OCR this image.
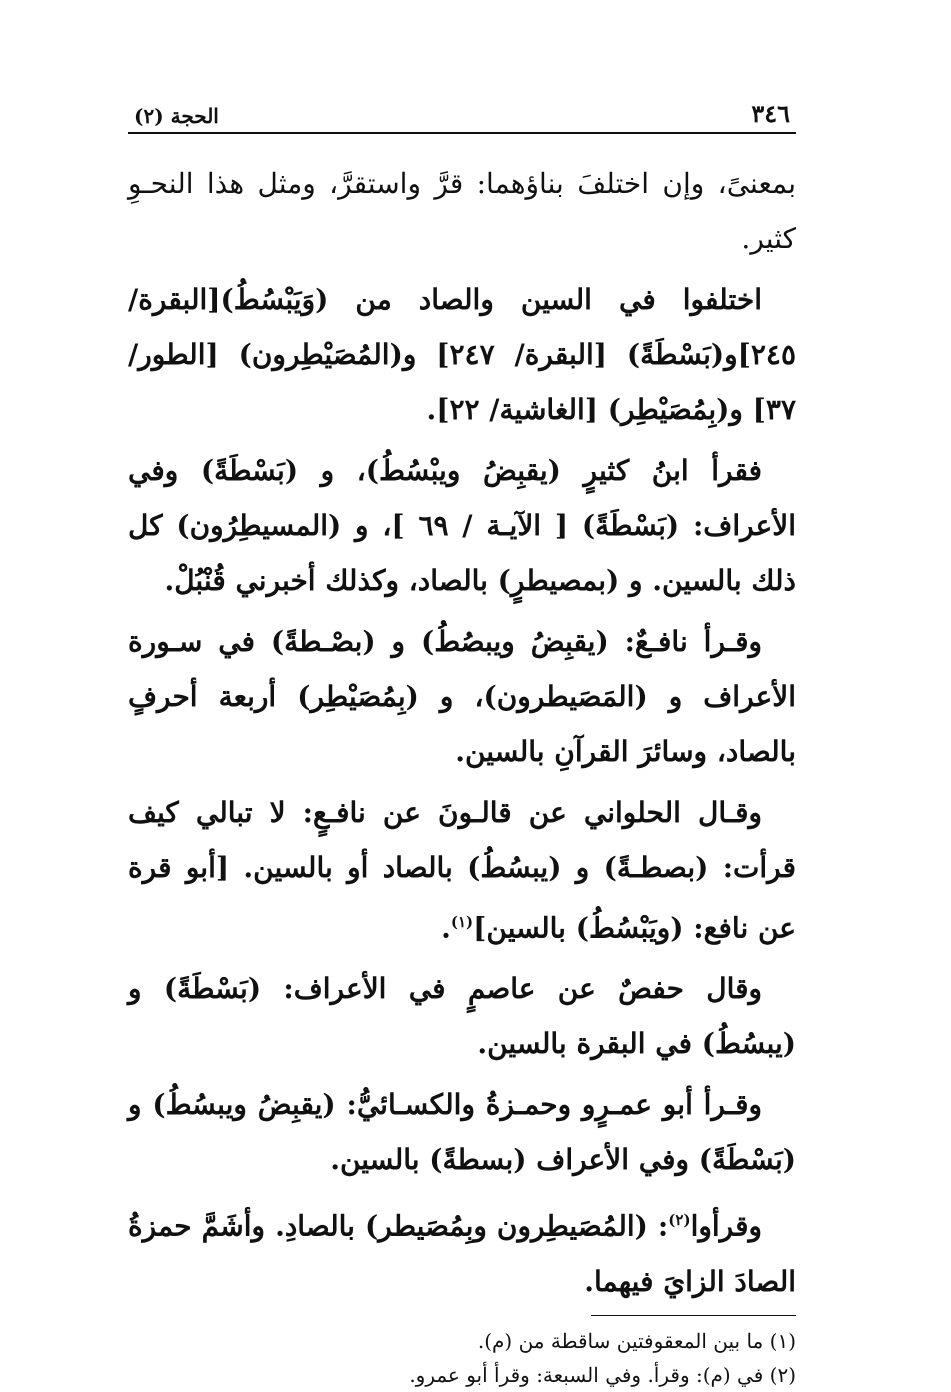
٣٤٦
الحجة (٢)

بمعنىً، وإن اختلفَ بناؤهما: قرَّ واستقرَّ، ومثل هذا النحـوِ كثير.

اختلفوا في السين والصاد من (وَيَبْسُطُ)[البقرة/ ٢٤٥]و(بَسْطَةً) [البقرة/ ٢٤٧] و(المُصَيْطِرون) [الطور/ ٣٧] و(بِمُصَيْطِر) [الغاشية/ ٢٢].

فقرأ ابنُ كثيرٍ (يقبِضُ ويبْسُطُ)، و (بَسْطَةً) وفي الأعراف: (بَسْطَةً) [ الآيـة / ٦٩ ]، و (المسيطِرُون) كل ذلك بالسين. و (بمصيطرٍ) بالصاد، وكذلك أخبرني قُنْبُلْ.

وقـرأ نافـعٌ: (يقبِضُ ويبصُطُ) و (بصْـطةً) في سـورة الأعراف و (المَصَيطرون)، و (بِمُصَيْطِر) أربعة أحرفٍ بالصاد، وسائرَ القرآنِ بالسين.

وقـال الحلواني عن قالـونَ عن نافـعٍ: لا تبالي كيف قرأت: (بصطـةً) و (يبسُطُ) بالصاد أو بالسين. [أبو قرة عن نافع: (ويَبْسُطُ) بالسين]$^{(١)}$.

وقال حفصٌ عن عاصمٍ في الأعراف: (بَسْطَةً) و (يبسُطُ) في البقرة بالسين.

وقـرأ أبو عمـرٍو وحمـزةُ والكسـائيُّ: (يقبِضُ ويبسُطُ) و (بَسْطَةً) وفي الأعراف (بسطةً) بالسين.

وقرأوا$^{(٢)}$: (المُصَيطِرون وبِمُصَيطر) بالصادِ. وأشَمَّ حمزةُ الصادَ الزايَ فيهما.

(١) ما بين المعقوفتين ساقطة من (م).

(٢) في (م): وقرأ. وفي السبعة: وقرأ أبو عمرو.
